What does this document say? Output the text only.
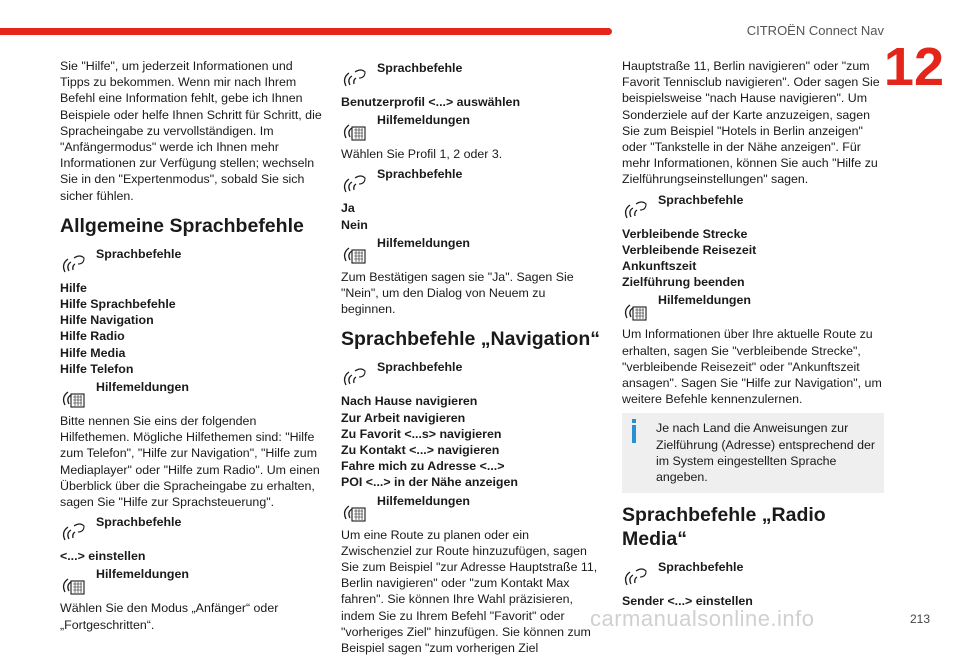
CITROËN Connect Nav
12

Sie "Hilfe", um jederzeit Informationen und Tipps zu bekommen. Wenn mir nach Ihrem Befehl eine Information fehlt, gebe ich Ihnen Beispiele oder helfe Ihnen Schritt für Schritt, die Spracheingabe zu vervollständigen. Im "Anfängermodus" werde ich Ihnen mehr Informationen zur Verfügung stellen; wechseln Sie in den "Expertenmodus", sobald Sie sich sicher fühlen.

Allgemeine Sprachbefehle
Sprachbefehle
Hilfe
Hilfe Sprachbefehle
Hilfe Navigation
Hilfe Radio
Hilfe Media
Hilfe Telefon
Hilfemeldungen

Bitte nennen Sie eins der folgenden Hilfethemen. Mögliche Hilfethemen sind: "Hilfe zum Telefon", "Hilfe zur Navigation", "Hilfe zum Mediaplayer" oder "Hilfe zum Radio". Um einen Überblick über die Spracheingabe zu erhalten, sagen Sie "Hilfe zur Sprachsteuerung".

Sprachbefehle
<...> einstellen
Hilfemeldungen

Wählen Sie den Modus „Anfänger“ oder „Fortgeschritten“.

Sprachbefehle
Benutzerprofil <...> auswählen
Hilfemeldungen

Wählen Sie Profil 1, 2 oder 3.

Sprachbefehle
Ja
Nein
Hilfemeldungen

Zum Bestätigen sagen sie "Ja". Sagen Sie "Nein", um den Dialog von Neuem zu beginnen.

Sprachbefehle „Navigation“
Sprachbefehle
Nach Hause navigieren
Zur Arbeit navigieren
Zu Favorit <...s> navigieren
Zu Kontakt <...> navigieren
Fahre mich zu Adresse <...>
POI <...> in der Nähe anzeigen
Hilfemeldungen

Um eine Route zu planen oder ein Zwischenziel zur Route hinzuzufügen, sagen Sie zum Beispiel "zur Adresse Hauptstraße 11, Berlin navigieren" oder "zum Kontakt Max fahren". Sie können Ihre Wahl präzisieren, indem Sie zu Ihrem Befehl "Favorit" oder "vorheriges Ziel" hinzufügen. Sie können zum Beispiel sagen "zum vorherigen Ziel

Hauptstraße 11, Berlin navigieren" oder "zum Favorit Tennisclub navigieren". Oder sagen Sie beispielsweise "nach Hause navigieren". Um Sonderziele auf der Karte anzuzeigen, sagen Sie zum Beispiel "Hotels in Berlin anzeigen" oder "Tankstelle in der Nähe anzeigen". Für mehr Informationen, können Sie auch "Hilfe zu Zielführungseinstellungen" sagen.

Sprachbefehle
Verbleibende Strecke
Verbleibende Reisezeit
Ankunftszeit
Zielführung beenden
Hilfemeldungen

Um Informationen über Ihre aktuelle Route zu erhalten, sagen Sie "verbleibende Strecke", "verbleibende Reisezeit" oder "Ankunftszeit ansagen". Sagen Sie "Hilfe zur Navigation", um weitere Befehle kennenzulernen.

Je nach Land die Anweisungen zur Zielführung (Adresse) entsprechend der im System eingestellten Sprache angeben.
Sprachbefehle „Radio Media“
Sprachbefehle
Sender <...> einstellen
carmanualsonline.info	213
